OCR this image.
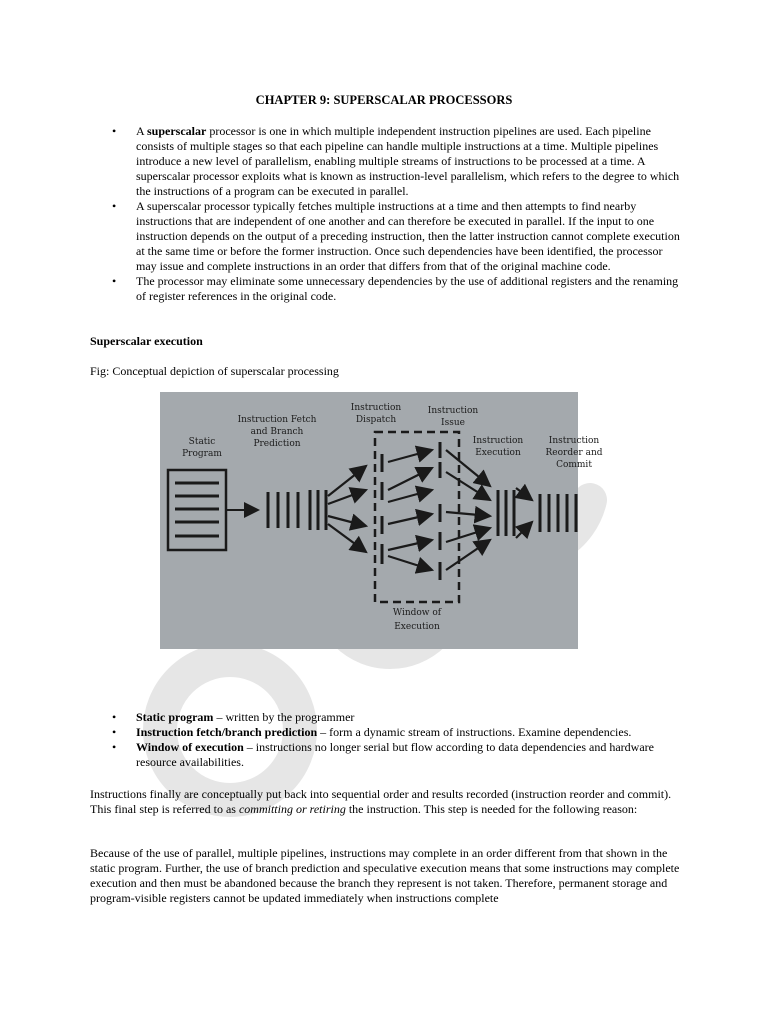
CHAPTER 9: SUPERSCALAR PROCESSORS
• A superscalar processor is one in which multiple independent instruction pipelines are used. Each pipeline consists of multiple stages so that each pipeline can handle multiple instructions at a time. Multiple pipelines introduce a new level of parallelism, enabling multiple streams of instructions to be processed at a time. A superscalar processor exploits what is known as instruction-level parallelism, which refers to the degree to which the instructions of a program can be executed in parallel.
• A superscalar processor typically fetches multiple instructions at a time and then attempts to find nearby instructions that are independent of one another and can therefore be executed in parallel. If the input to one instruction depends on the output of a preceding instruction, then the latter instruction cannot complete execution at the same time or before the former instruction. Once such dependencies have been identified, the processor may issue and complete instructions in an order that differs from that of the original machine code.
• The processor may eliminate some unnecessary dependencies by the use of additional registers and the renaming of register references in the original code.
Superscalar execution
Fig: Conceptual depiction of superscalar processing
Static Program
Instruction Fetch and Branch Prediction
Instruction Dispatch
Instruction Issue
Instruction Execution
Instruction Reorder and Commit
Window of Execution
• Static program – written by the programmer
• Instruction fetch/branch prediction – form a dynamic stream of instructions. Examine dependencies.
• Window of execution – instructions no longer serial but flow according to data dependencies and hardware resource availabilities.
Instructions finally are conceptually put back into sequential order and results recorded (instruction reorder and commit). This final step is referred to as committing or retiring the instruction. This step is needed for the following reason:
Because of the use of parallel, multiple pipelines, instructions may complete in an order different from that shown in the static program. Further, the use of branch prediction and speculative execution means that some instructions may complete execution and then must be abandoned because the branch they represent is not taken. Therefore, permanent storage and program-visible registers cannot be updated immediately when instructions complete
